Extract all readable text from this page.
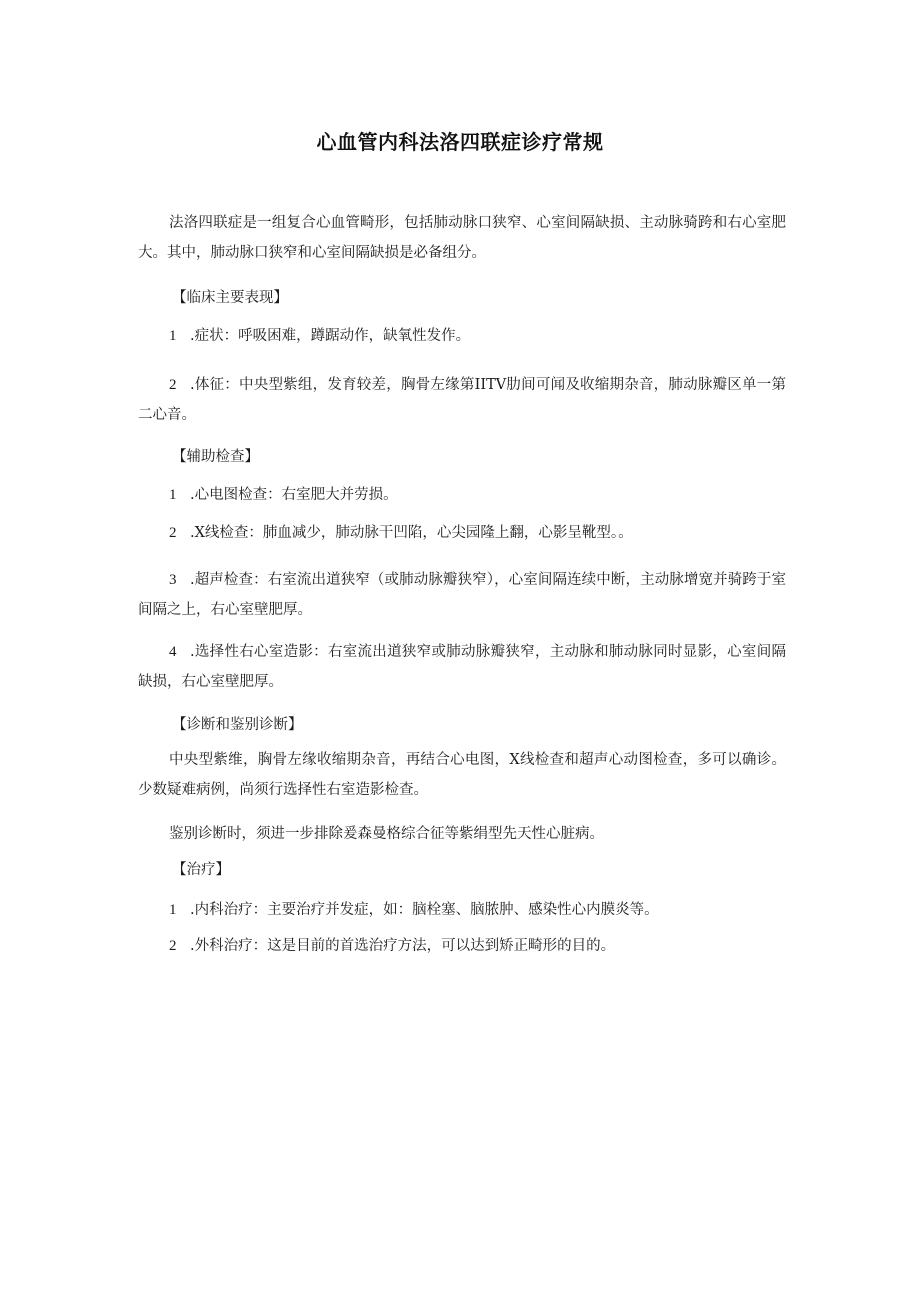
心血管内科法洛四联症诊疗常规

法洛四联症是一组复合心血管畸形，包括肺动脉口狭窄、心室间隔缺损、主动脉骑跨和右心室肥大。其中，肺动脉口狭窄和心室间隔缺损是必备组分。

【临床主要表现】

1 .症状：呼吸困难，蹲踞动作，缺氧性发作。

2 .体征：中央型紫组，发育较差，胸骨左缘第IITV肋间可闻及收缩期杂音，肺动脉瓣区单一第二心音。

【辅助检查】

1 .心电图检查：右室肥大并劳损。

2 .X线检查：肺血减少，肺动脉干凹陷，心尖园隆上翻，心影呈靴型。。

3 .超声检查：右室流出道狭窄（或肺动脉瓣狭窄），心室间隔连续中断，主动脉增宽并骑跨于室间隔之上，右心室壁肥厚。

4 .选择性右心室造影：右室流出道狭窄或肺动脉瓣狭窄，主动脉和肺动脉同时显影，心室间隔缺损，右心室壁肥厚。

【诊断和鉴别诊断】

中央型紫维，胸骨左缘收缩期杂音，再结合心电图，X线检查和超声心动图检查，多可以确诊。少数疑难病例，尚须行选择性右室造影检查。

鉴别诊断时，须进一步排除爰森曼格综合征等紫绢型先天性心脏病。

【治疗】

1 .内科治疗：主要治疗并发症，如：脑栓塞、脑脓肿、感染性心内膜炎等。

2 .外科治疗：这是目前的首选治疗方法，可以达到矫正畸形的目的。
